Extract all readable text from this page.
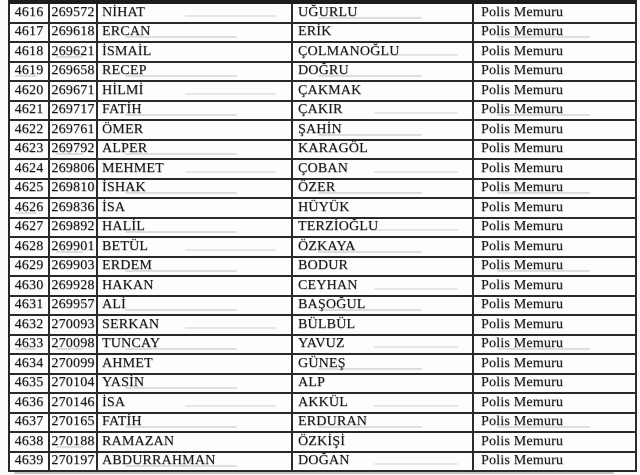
4616 269572 NİHAT	UĞURLU	Polis Memuru
4617 269618 ERCAN	ERİK	Polis Memuru
4618 269621 İSMAİL	ÇOLMANOĞLU	Polis Memuru
4619 269658 RECEP	DOĞRU	Polis Memuru
4620 269671 HİLMİ	ÇAKMAK	Polis Memuru
4621 269717 FATİH	ÇAKIR	Polis Memuru
4622 269761 ÖMER	ŞAHİN	Polis Memuru
4623 269792 ALPER	KARAGÖL	Polis Memuru
4624 269806 MEHMET	ÇOBAN	Polis Memuru
4625 269810 İSHAK	ÖZER	Polis Memuru
4626 269836 İSA	HÜYÜK	Polis Memuru
4627 269892 HALİL	TERZİOĞLU	Polis Memuru
4628 269901 BETÜL	ÖZKAYA	Polis Memuru
4629 269903 ERDEM	BODUR	Polis Memuru
4630 269928 HAKAN	CEYHAN	Polis Memuru
4631 269957 ALİ	BAŞOĞUL	Polis Memuru
4632 270093 SERKAN	BÜLBÜL	Polis Memuru
4633 270098 TUNCAY	YAVUZ	Polis Memuru
4634 270099 AHMET	GÜNEŞ	Polis Memuru
4635 270104 YASİN	ALP	Polis Memuru
4636 270146 İSA	AKKÜL	Polis Memuru
4637 270165 FATİH	ERDURAN	Polis Memuru
4638 270188 RAMAZAN	ÖZKİŞİ	Polis Memuru
4639 270197 ABDURRAHMAN	DOĞAN	Polis Memuru
